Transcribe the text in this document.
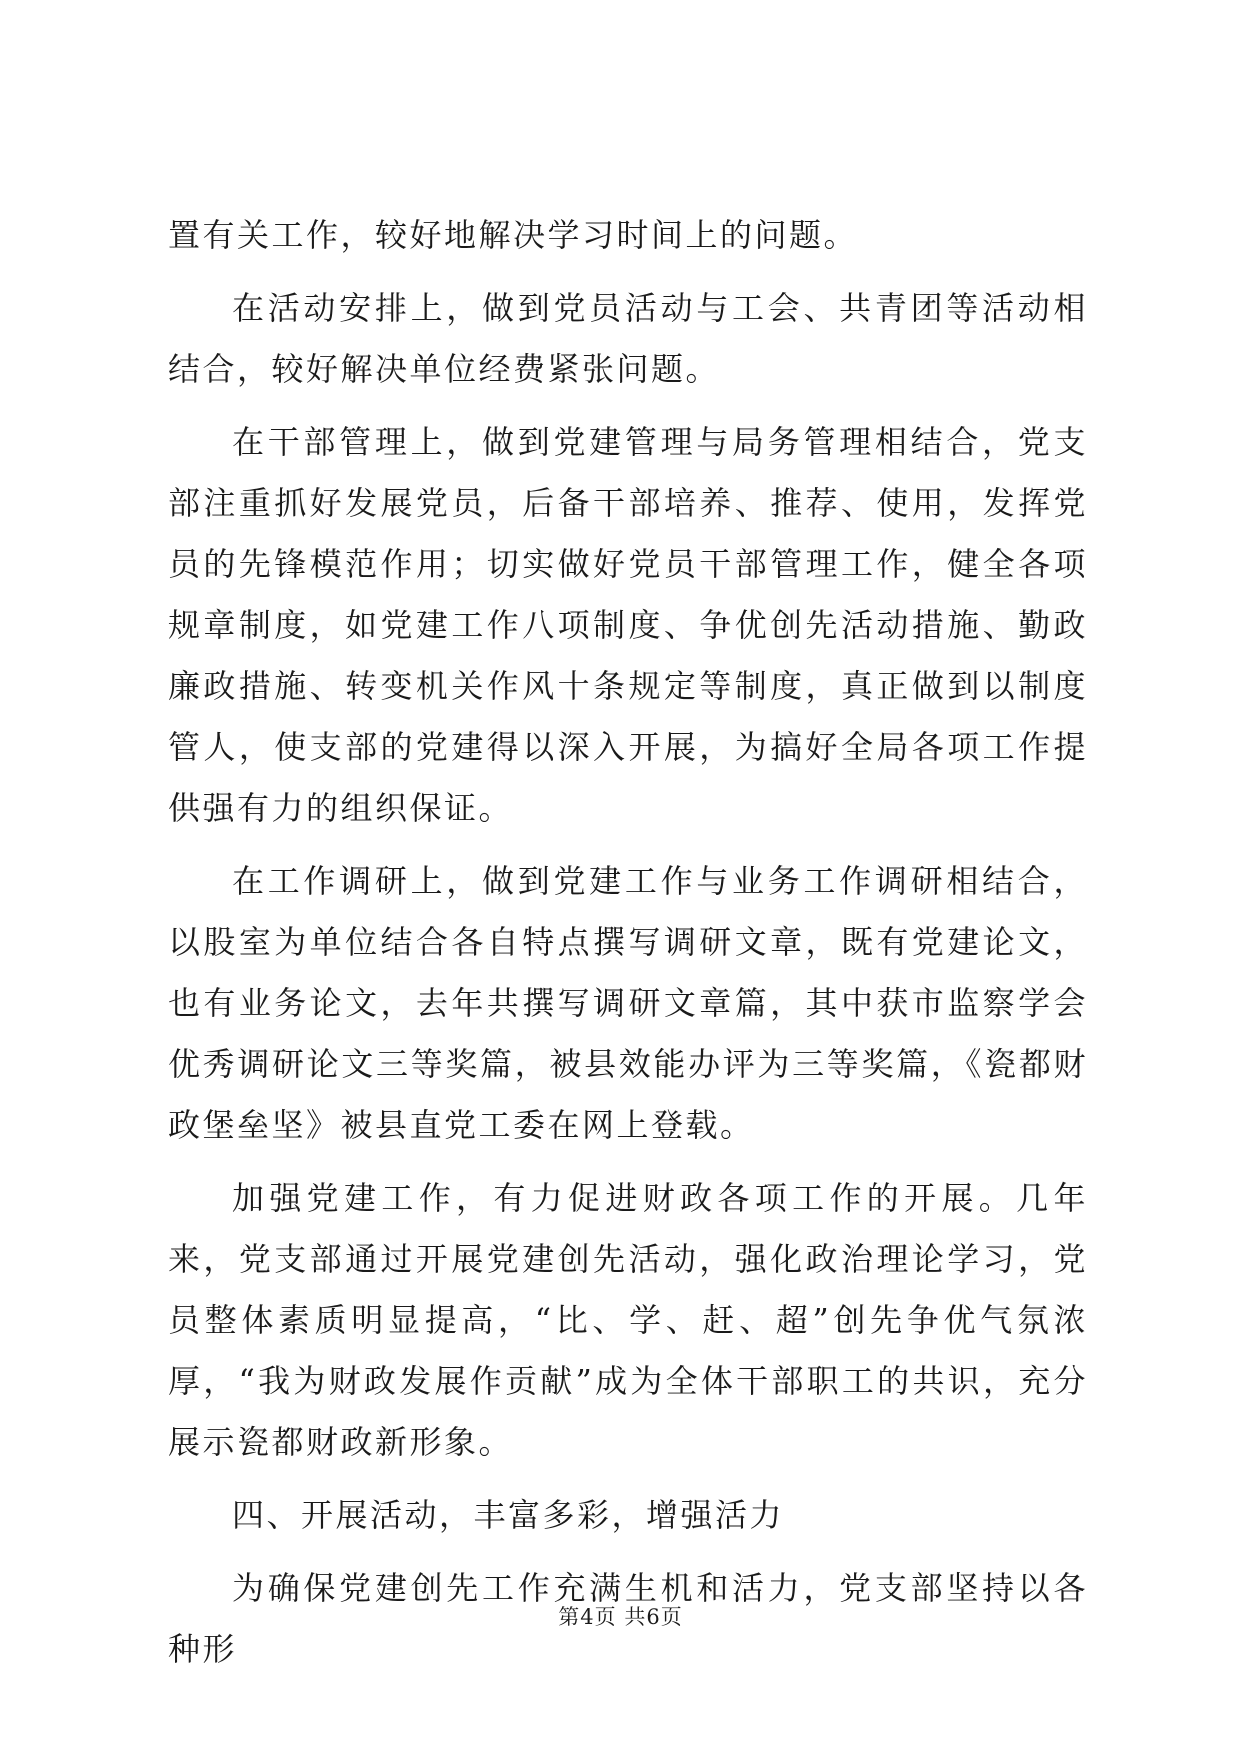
置有关工作，较好地解决学习时间上的问题。

在活动安排上，做到党员活动与工会、共青团等活动相结合，较好解决单位经费紧张问题。

在干部管理上，做到党建管理与局务管理相结合，党支部注重抓好发展党员，后备干部培养、推荐、使用，发挥党员的先锋模范作用；切实做好党员干部管理工作，健全各项规章制度，如党建工作八项制度、争优创先活动措施、勤政廉政措施、转变机关作风十条规定等制度，真正做到以制度管人，使支部的党建得以深入开展，为搞好全局各项工作提供强有力的组织保证。

在工作调研上，做到党建工作与业务工作调研相结合，以股室为单位结合各自特点撰写调研文章，既有党建论文，也有业务论文，去年共撰写调研文章篇，其中获市监察学会优秀调研论文三等奖篇，被县效能办评为三等奖篇，《瓷都财政堡垒坚》被县直党工委在网上登载。

加强党建工作，有力促进财政各项工作的开展。几年来，党支部通过开展党建创先活动，强化政治理论学习，党员整体素质明显提高，“比、学、赶、超”创先争优气氛浓厚，“我为财政发展作贡献”成为全体干部职工的共识，充分展示瓷都财政新形象。

四、开展活动，丰富多彩，增强活力

为确保党建创先工作充满生机和活力，党支部坚持以各种形

第4页 共6页
